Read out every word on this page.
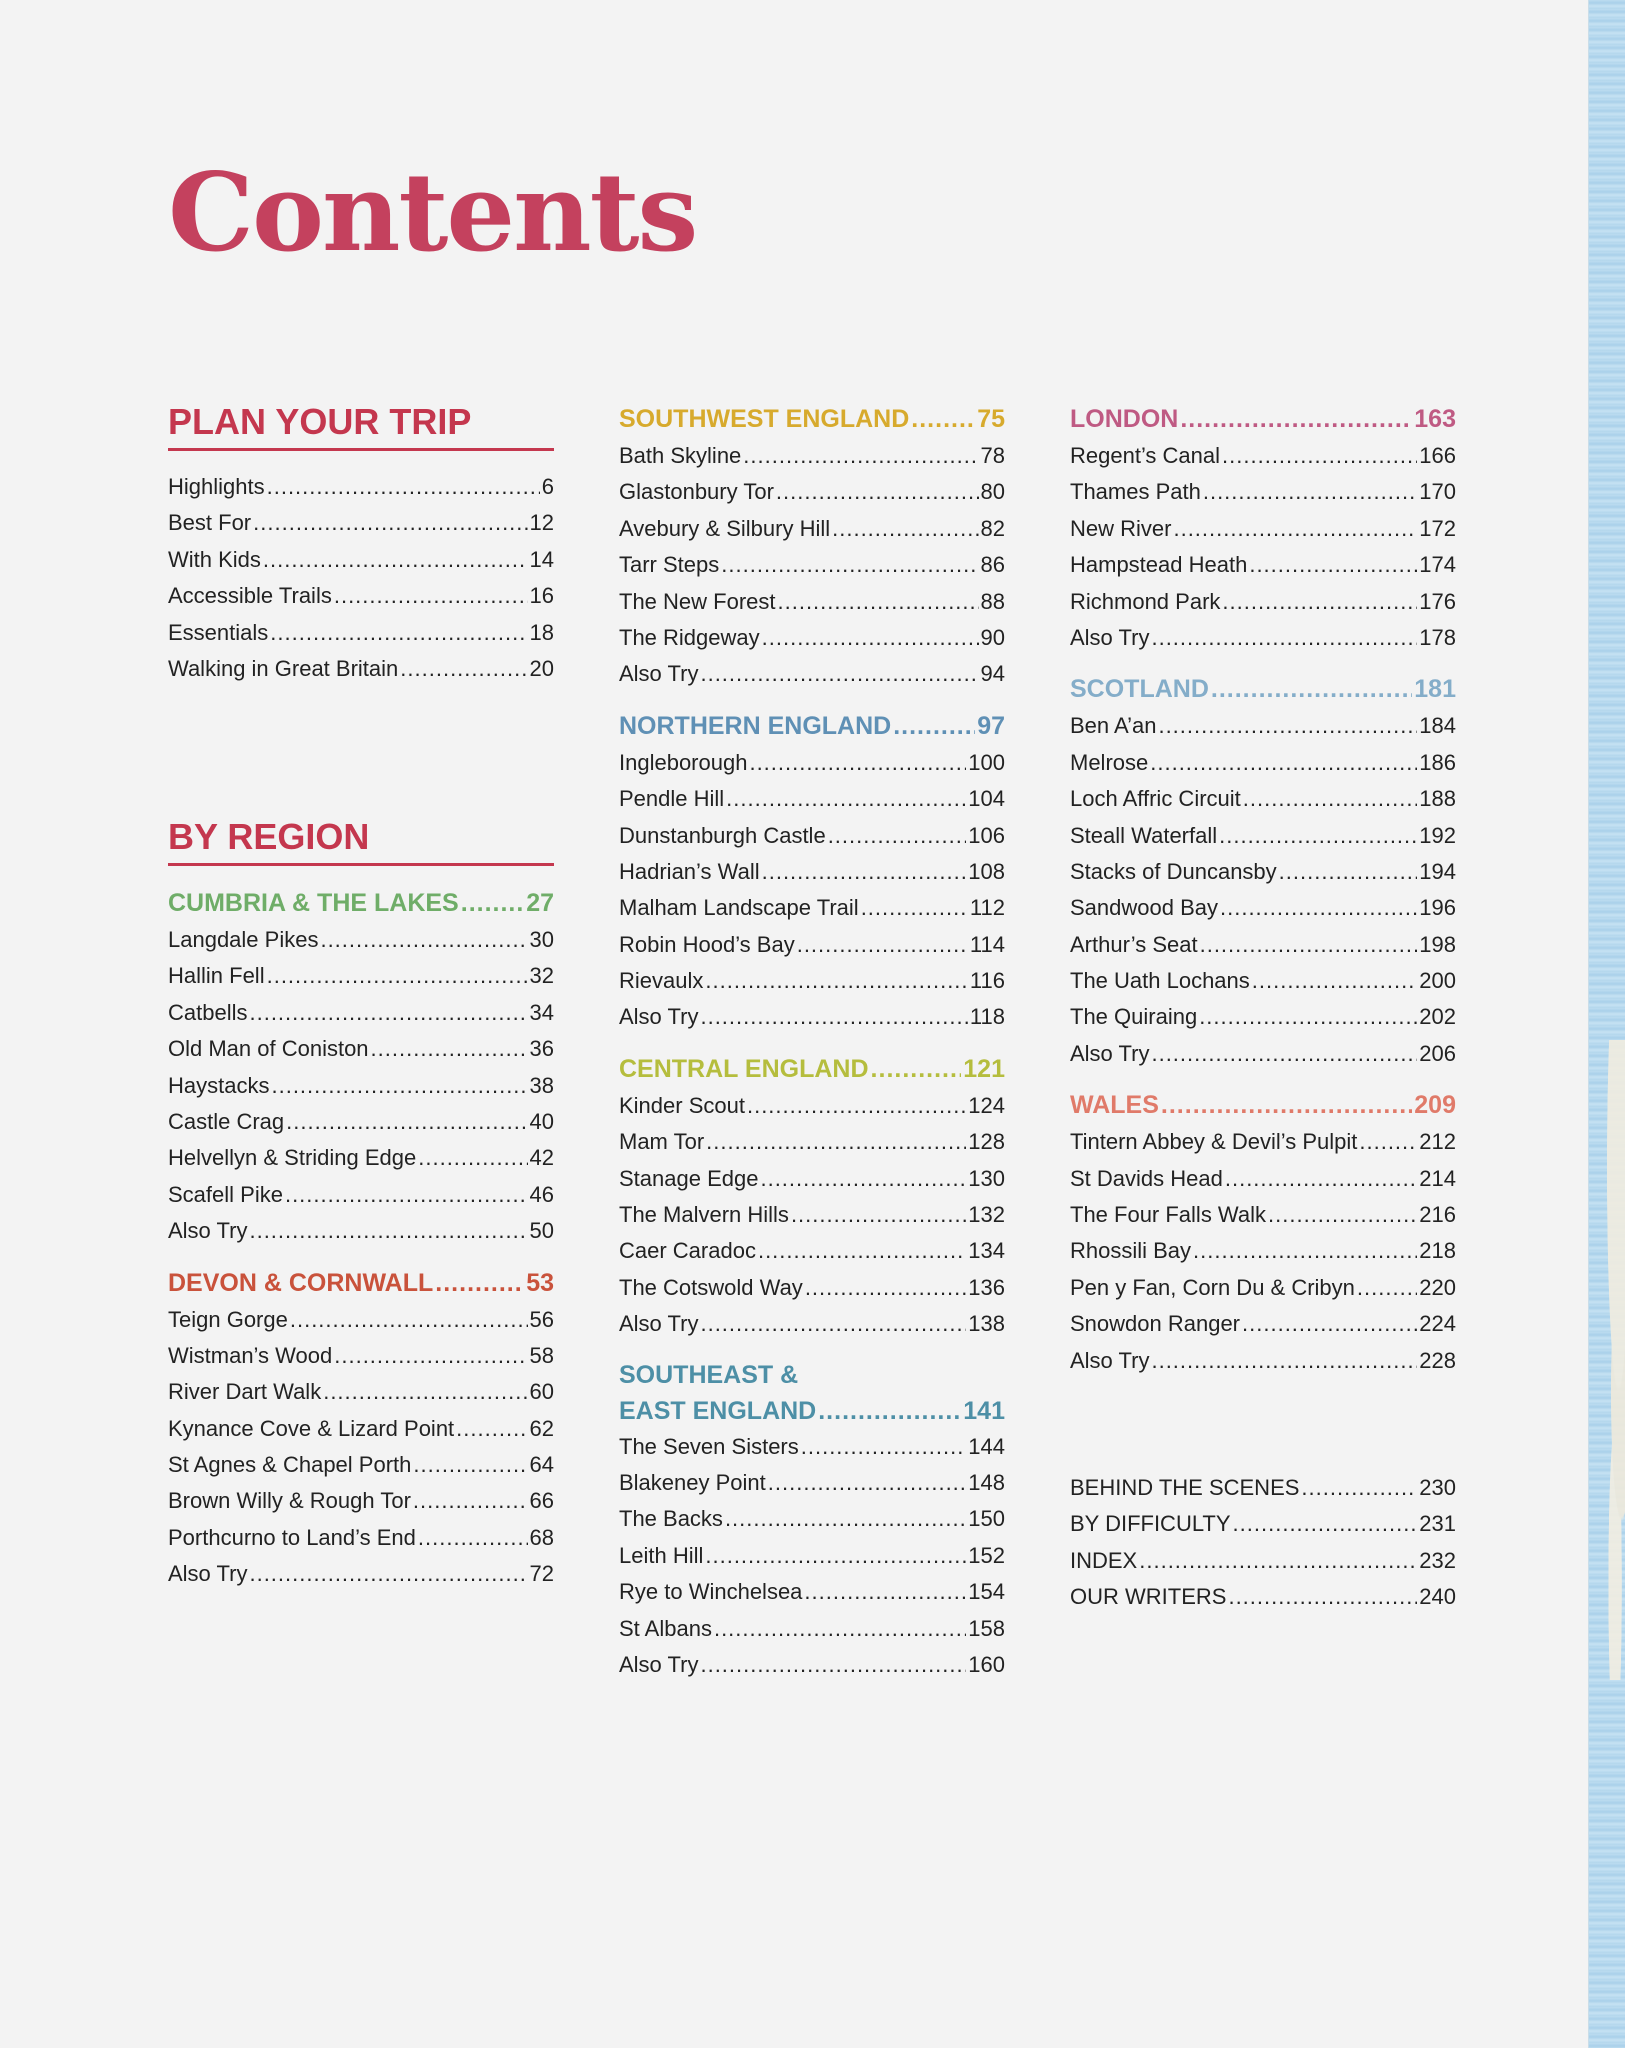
Contents
PLAN YOUR TRIP
Highlights .....	6
Best For .....	12
With Kids .....	14
Accessible Trails .....	16
Essentials .....	18
Walking in Great Britain .....	20
BY REGION
CUMBRIA & THE LAKES .....	27
Langdale Pikes .....	30
Hallin Fell .....	32
Catbells .....	34
Old Man of Coniston .....	36
Haystacks .....	38
Castle Crag .....	40
Helvellyn & Striding Edge .....	42
Scafell Pike .....	46
Also Try .....	50
DEVON & CORNWALL .....	53
Teign Gorge .....	56
Wistman’s Wood .....	58
River Dart Walk .....	60
Kynance Cove & Lizard Point .....	62
St Agnes & Chapel Porth .....	64
Brown Willy & Rough Tor .....	66
Porthcurno to Land’s End .....	68
Also Try .....	72
SOUTHWEST ENGLAND .....	75
Bath Skyline .....	78
Glastonbury Tor .....	80
Avebury & Silbury Hill .....	82
Tarr Steps .....	86
The New Forest .....	88
The Ridgeway .....	90
Also Try .....	94
NORTHERN ENGLAND .....	97
Ingleborough .....	100
Pendle Hill .....	104
Dunstanburgh Castle .....	106
Hadrian’s Wall .....	108
Malham Landscape Trail .....	112
Robin Hood’s Bay .....	114
Rievaulx .....	116
Also Try .....	118
CENTRAL ENGLAND .....	121
Kinder Scout .....	124
Mam Tor .....	128
Stanage Edge .....	130
The Malvern Hills .....	132
Caer Caradoc .....	134
The Cotswold Way .....	136
Also Try .....	138
SOUTHEAST &
EAST ENGLAND .....	141
The Seven Sisters .....	144
Blakeney Point .....	148
The Backs .....	150
Leith Hill .....	152
Rye to Winchelsea .....	154
St Albans .....	158
Also Try .....	160
LONDON .....	163
Regent’s Canal .....	166
Thames Path .....	170
New River .....	172
Hampstead Heath .....	174
Richmond Park .....	176
Also Try .....	178
SCOTLAND .....	181
Ben A’an .....	184
Melrose .....	186
Loch Affric Circuit .....	188
Steall Waterfall .....	192
Stacks of Duncansby .....	194
Sandwood Bay .....	196
Arthur’s Seat .....	198
The Uath Lochans .....	200
The Quiraing .....	202
Also Try .....	206
WALES .....	209
Tintern Abbey & Devil’s Pulpit .....	212
St Davids Head .....	214
The Four Falls Walk .....	216
Rhossili Bay .....	218
Pen y Fan, Corn Du & Cribyn .....	220
Snowdon Ranger .....	224
Also Try .....	228
BEHIND THE SCENES .....	230
BY DIFFICULTY .....	231
INDEX .....	232
OUR WRITERS .....	240
